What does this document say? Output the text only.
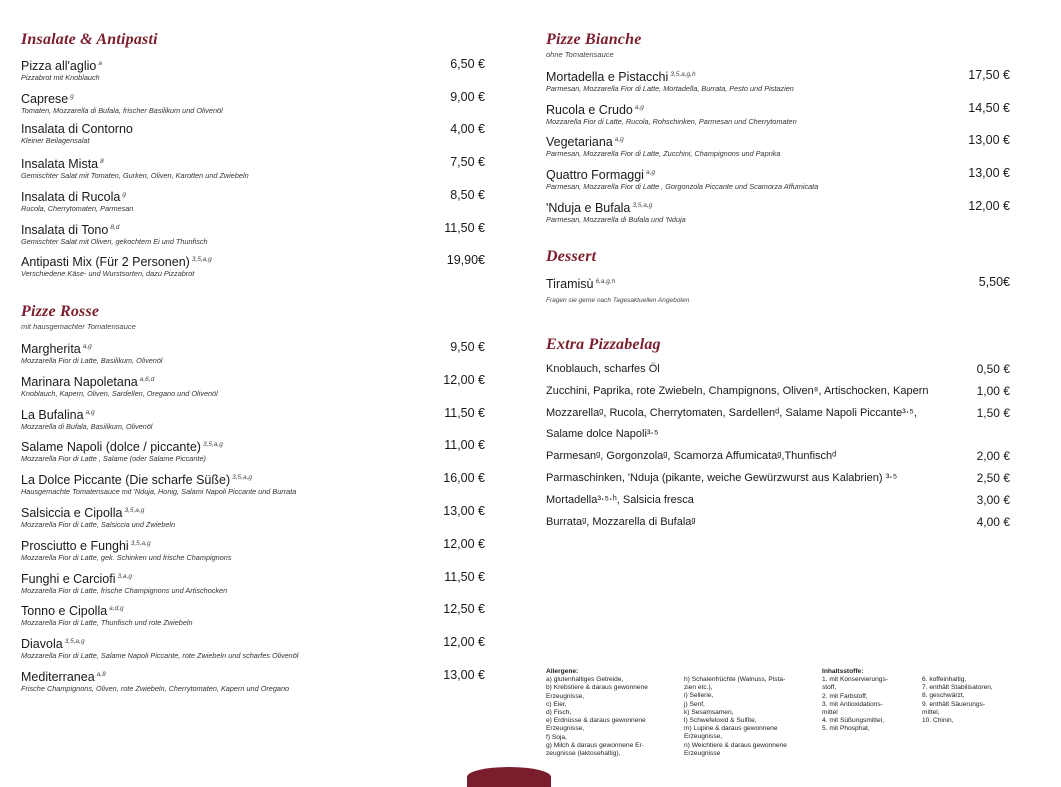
Insalate & Antipasti
Pizza all'aglio $^a$
Pizzabrot mit Knoblauch
6,50 €
Caprese $^g$
Tomaten, Mozzarella di Bufala, frischer Basilikum und Olivenöl
9,00 €
Insalata di Contorno
Kleiner Beilagensalat
4,00 €
Insalata Mista $^8$
Gemischter Salat mit Tomaten, Gurken, Oliven, Karotten und Zwiebeln
7,50 €
Insalata di Rucola $^g$
Rucola, Cherrytomaten, Parmesan
8,50 €
Insalata di Tono $^{8,d}$
Gemischter Salat mit Oliven, gekochtem Ei und Thunfisch
11,50 €
Antipasti Mix (Für 2 Personen) $^{3,5,a,g}$
Verschiedene Käse- und Wurstsorten, dazu Pizzabrot
19,90€
Pizze Rosse
mit hausgemachter Tomatensauce
Margherita $^{a,g}$
Mozzarella Fior di Latte, Basilikum, Olivenöl
9,50 €
Marinara Napoletana $^{a,6,d}$
Knoblauch, Kapern, Oliven, Sardellen, Oregano und Olivenöl
12,00 €
La Bufalina $^{a,g}$
Mozzarella di Bufala, Basilikum, Olivenöl
11,50 €
Salame Napoli (dolce / piccante) $^{3,5,a,g}$
Mozzarella Fior di Latte , Salame (oder Salame Piccante)
11,00 €
La Dolce Piccante (Die scharfe Süße) $^{3,5,a,g}$
Hausgemachte Tomatensauce mit 'Nduja, Honig, Salami Napoli Piccante und Burrata
16,00 €
Salsiccia e Cipolla $^{3,5,a,g}$
Mozzarella Fior di Latte, Salsiccia und Zwiebeln
13,00 €
Prosciutto e Funghi $^{3,5,a,g}$
Mozzarella Fior di Latte, gek. Schinken und frische Champignons
12,00 €
Funghi e Carciofi $^{3,a,g}$
Mozzarella Fior di Latte, frische Champignons und Artischocken
11,50 €
Tonno e Cipolla $^{a,d,g}$
Mozzarella Fior di Latte, Thunfisch und rote Zwiebeln
12,50 €
Diavola $^{3,5,a,g}$
Mozzarella Fior di Latte, Salame Napoli Piccante, rote Zwiebeln und scharfes Olivenöl
12,00 €
Mediterranea $^{a,8}$
Frische Champignons, Oliven, rote Zwiebeln, Cherrytomaten, Kapern und Oregano
13,00 €
Pizze Bianche
ohne Tomatensauce
Mortadella e Pistacchi $^{3,5,a,g,h}$
Parmesan, Mozzarella Fior di Latte, Mortadella, Burrata, Pesto und Pistazien
17,50 €
Rucola e Crudo $^{a,g}$
Mozzarella Fior di Latte, Rucola, Rohschinken, Parmesan und Cherrytomaten
14,50 €
Vegetariana $^{a,g}$
Parmesan, Mozzarella Fior di Latte, Zucchini, Champignons und Paprika
13,00 €
Quattro Formaggi $^{a,g}$
Parmesan, Mozzarella Fior di Latte , Gorgonzola Piccante und Scamorza Affumicata
13,00 €
'Nduja e Bufala $^{3,5,a,g}$
Parmesan, Mozzarella di Bufala und 'Nduja
12,00 €
Dessert
Tiramisù $^{6,a,g,h}$	5,50€
Fragen sie gerne nach Tagesaktuellen Angeboten
Extra Pizzabelag
Knoblauch, scharfes Öl	0,50 €
Zucchini, Paprika, rote Zwiebeln, Champignons, Oliven⁸, Artischocken, Kapern	1,00 €
Mozzarellaᵍ, Rucola, Cherrytomaten, Sardellenᵈ, Salame Napoli Piccante³⋅⁵,	1,50 €
Salame dolce Napoli³⋅⁵
Parmesanᵍ, Gorgonzolaᵍ, Scamorza Affumicataᵍ,Thunfischᵈ	2,00 €
Parmaschinken, 'Nduja (pikante, weiche Gewürzwurst aus Kalabrien) ³⋅⁵	2,50 €
Mortadella³⋅⁵⋅ʰ, Salsicia fresca	3,00 €
Burrataᵍ, Mozzarella di Bufalaᵍ	4,00 €
Allergene:
a) glutenhaltiges Getreide,
b) Krebstiere & daraus gewonnene
Erzeugnisse,
c) Eier,
d) Fisch,
e) Erdnüsse & daraus gewonnene
Erzeugnisse,
f) Soja,
g) Milch & daraus gewonnene Er-
zeugnisse (laktosehaltig),
h) Schalenfrüchte (Walnuss, Pista-
zien etc.),
i) Sellerie,
j) Senf,
k) Sesamsamen,
l) Schwefeloxid & Sulfite,
m) Lupine & daraus gewonnene
Erzeugnisse,
n) Weichtiere & daraus gewonnene
Erzeugnisse
Inhaltsstoffe:
1. mit Konservierungs-
stoff,
2. mit Farbstoff,
3. mit Antioxidations-
mittel
4. mit Süßungsmittel,
5. mit Phosphat,
6. koffeinhaltig,
7. enthält Stabilisatoren,
8. geschwärzt,
9. enthält Säuerungs-
mittel,
10. Chinin,
